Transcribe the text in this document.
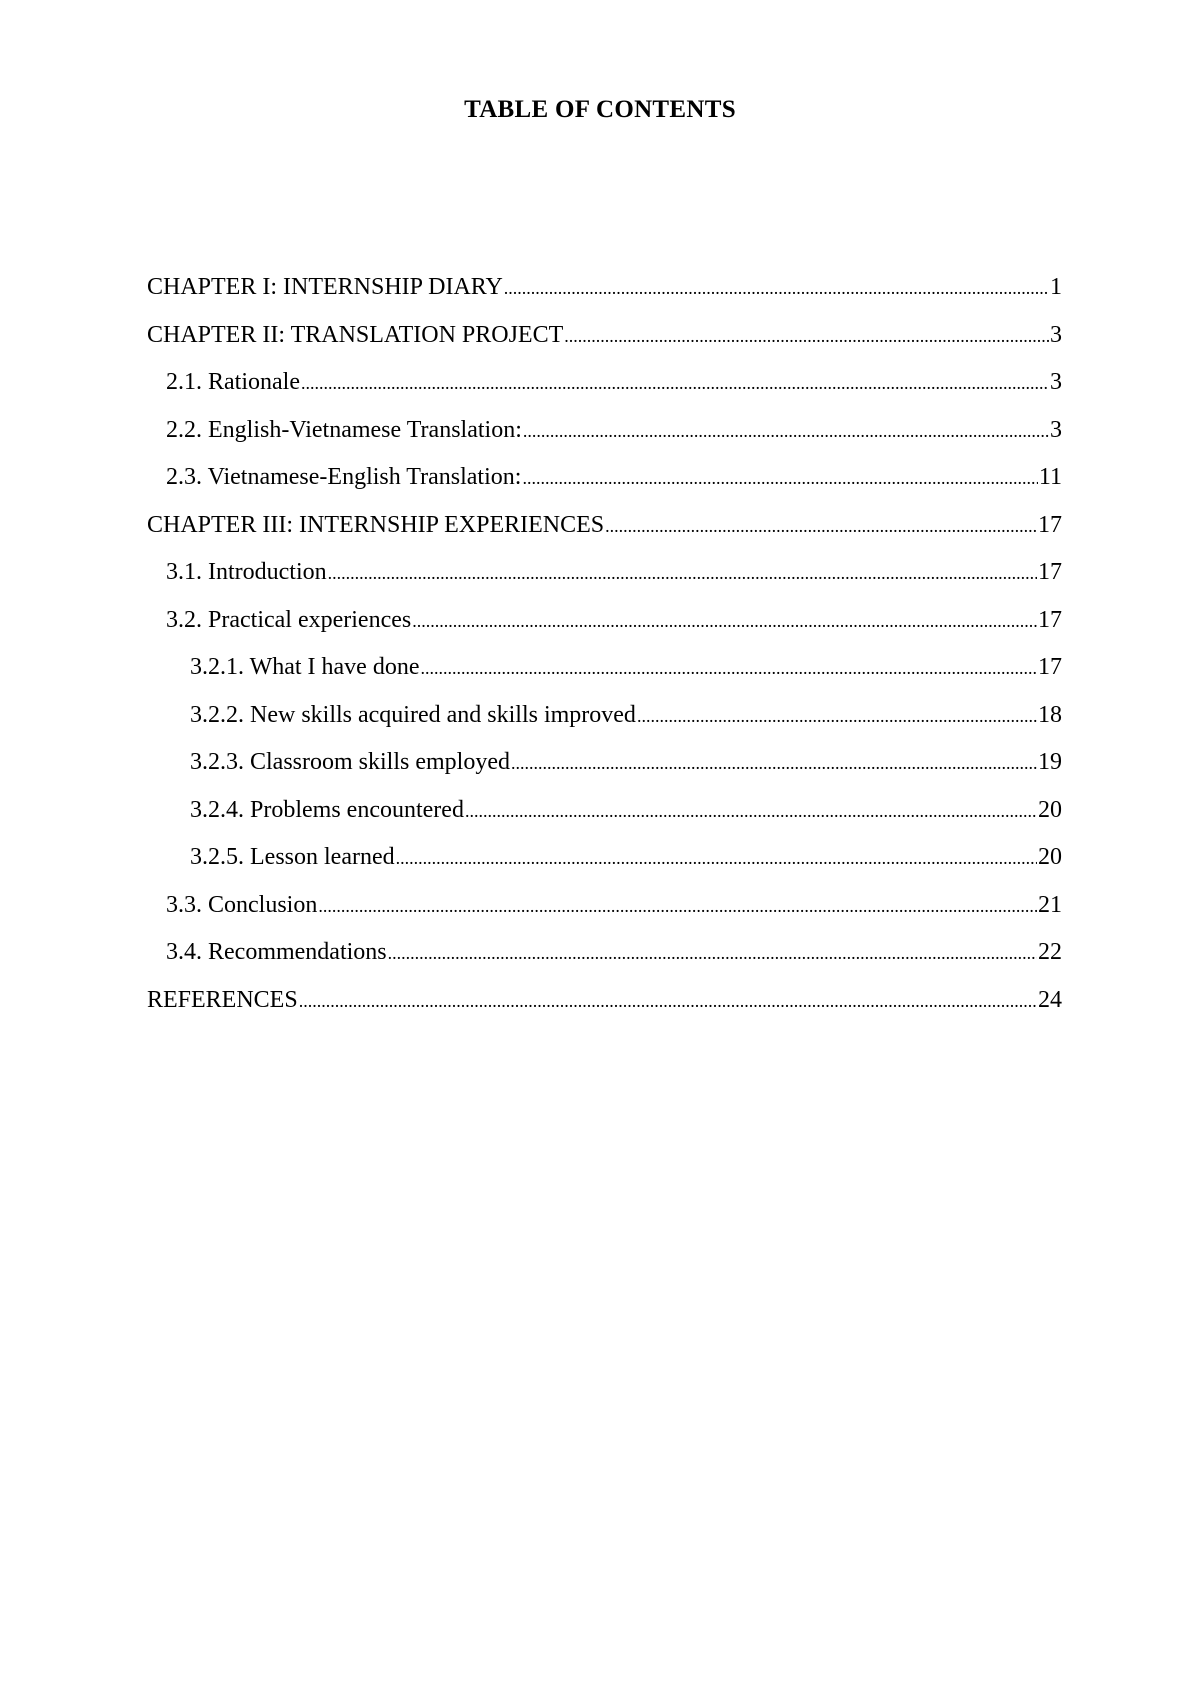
TABLE OF CONTENTS
CHAPTER I: INTERNSHIP DIARY .....	1
CHAPTER II: TRANSLATION PROJECT .....	3
2.1. Rationale .....	3
2.2. English-Vietnamese Translation: .....	3
2.3. Vietnamese-English Translation: .....	11
CHAPTER III: INTERNSHIP EXPERIENCES .....	17
3.1. Introduction .....	17
3.2. Practical experiences .....	17
3.2.1. What I have done .....	17
3.2.2. New skills acquired and skills improved .....	18
3.2.3. Classroom skills employed .....	19
3.2.4. Problems encountered .....	20
3.2.5. Lesson learned .....	20
3.3. Conclusion .....	21
3.4. Recommendations .....	22
REFERENCES .....	24
